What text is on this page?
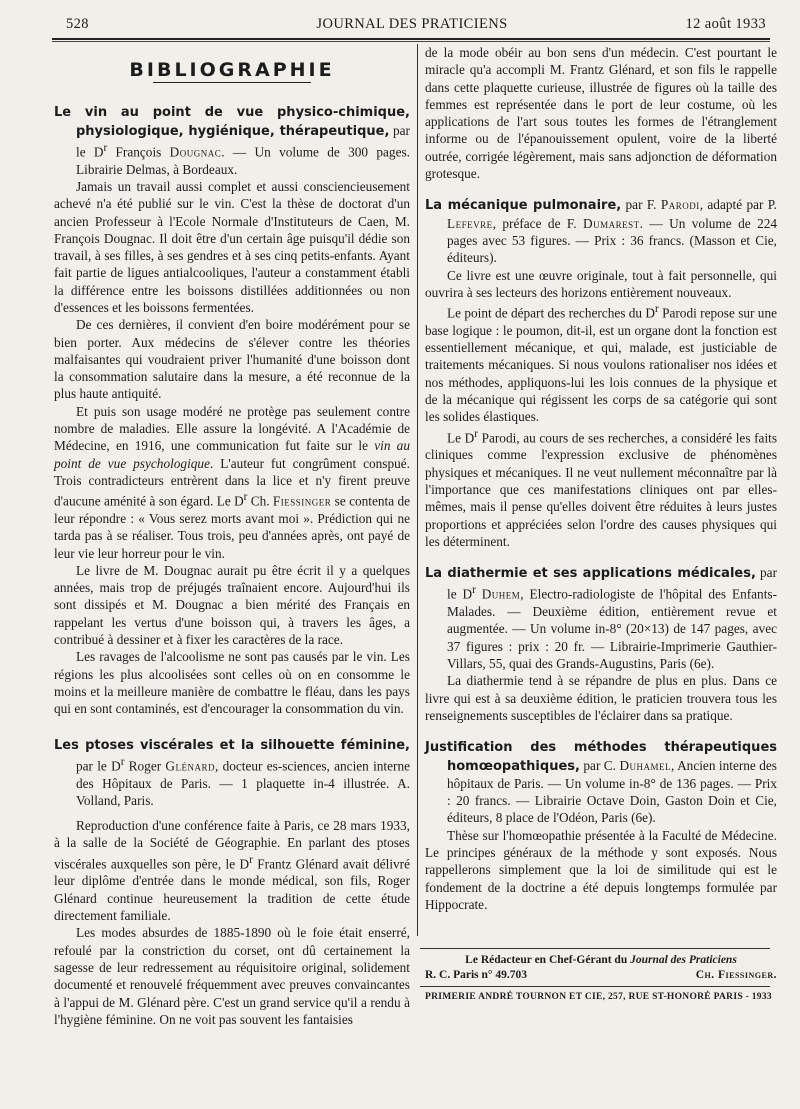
528	JOURNAL DES PRATICIENS	12 août 1933
BIBLIOGRAPHIE

Le vin au point de vue physico-chimique, physiologique, hygiénique, thérapeutique, par le $D^r$ François Dougnac. — Un volume de 300 pages. Librairie Delmas, à Bordeaux.

Jamais un travail aussi complet et aussi consciencieusement achevé n'a été publié sur le vin. C'est la thèse de doctorat d'un ancien Professeur à l'Ecole Normale d'Instituteurs de Caen, M. François Dougnac. Il doit être d'un certain âge puisqu'il dédie son travail, à ses filles, à ses gendres et à ses cinq petits-enfants. Ayant fait partie de ligues antialcooliques, l'auteur a constamment établi la différence entre les boissons distillées additionnées ou non d'essences et les boissons fermentées.

De ces dernières, il convient d'en boire modérément pour se bien porter. Aux médecins de s'élever contre les théories malfaisantes qui voudraient priver l'humanité d'une boisson dont la consommation salutaire dans la mesure, a été reconnue de la plus haute antiquité.

Et puis son usage modéré ne protège pas seulement contre nombre de maladies. Elle assure la longévité. A l'Académie de Médecine, en 1916, une communication fut faite sur le vin au point de vue psychologique. L'auteur fut congrûment conspué. Trois contradicteurs entrèrent dans la lice et n'y firent preuve d'aucune aménité à son égard. Le $D^r$ Ch. Fiessinger se contenta de leur répondre : « Vous serez morts avant moi ». Prédiction qui ne tarda pas à se réaliser. Tous trois, peu d'années après, ont payé de leur vie leur horreur pour le vin.

Le livre de M. Dougnac aurait pu être écrit il y a quelques années, mais trop de préjugés traînaient encore. Aujourd'hui ils sont dissipés et M. Dougnac a bien mérité des Français en rappelant les vertus d'une boisson qui, à travers les âges, a contribué à dessiner et à fixer les caractères de la race.

Les ravages de l'alcoolisme ne sont pas causés par le vin. Les régions les plus alcoolisées sont celles où on en consomme le moins et la meilleure manière de combattre le fléau, dans les pays qui en sont contaminés, est d'encourager la consommation du vin.

Les ptoses viscérales et la silhouette féminine, par le $D^r$ Roger Glénard, docteur es-sciences, ancien interne des Hôpitaux de Paris. — 1 plaquette in-4 illustrée. A. Volland, Paris.

Reproduction d'une conférence faite à Paris, ce 28 mars 1933, à la salle de la Société de Géographie. En parlant des ptoses viscérales auxquelles son père, le $D^r$ Frantz Glénard avait délivré leur diplôme d'entrée dans le monde médical, son fils, Roger Glénard continue heureusement la tradition de cette étude directement familiale.

Les modes absurdes de 1885-1890 où le foie était enserré, refoulé par la constriction du corset, ont dû certainement la sagesse de leur redressement au réquisitoire original, solidement documenté et renouvelé fréquemment avec preuves convaincantes à l'appui de M. Glénard père. C'est un grand service qu'il a rendu à l'hygiène féminine. On ne voit pas souvent les fantaisies

de la mode obéir au bon sens d'un médecin. C'est pourtant le miracle qu'a accompli M. Frantz Glénard, et son fils le rappelle dans cette plaquette curieuse, illustrée de figures où la taille des femmes est représentée dans le port de leur costume, où les applications de l'art sous toutes les formes de l'étranglement informe ou de l'épanouissement opulent, voire de la liberté outrée, corrigée légèrement, mais sans adjonction de déformation grotesque.

La mécanique pulmonaire, par F. Parodi, adapté par P. Lefevre, préface de F. Dumarest. — Un volume de 224 pages avec 53 figures. — Prix : 36 francs. (Masson et Cie, éditeurs).

Ce livre est une œuvre originale, tout à fait personnelle, qui ouvrira à ses lecteurs des horizons entièrement nouveaux.

Le point de départ des recherches du $D^r$ Parodi repose sur une base logique : le poumon, dit-il, est un organe dont la fonction est essentiellement mécanique, et qui, malade, est justiciable de traitements mécaniques. Si nous voulons rationaliser nos idées et nos méthodes, appliquons-lui les lois connues de la physique et de la mécanique qui régissent les corps de sa catégorie qui sont les solides élastiques.

Le $D^r$ Parodi, au cours de ses recherches, a considéré les faits cliniques comme l'expression exclusive de phénomènes physiques et mécaniques. Il ne veut nullement méconnaître par là l'importance que ces manifestations cliniques ont par elles-mêmes, mais il pense qu'elles doivent être réduites à leurs justes proportions et appréciées selon l'ordre des causes physiques qui les déterminent.

La diathermie et ses applications médicales, par le $D^r$ Duhem, Electro-radiologiste de l'hôpital des Enfants-Malades. — Deuxième édition, entièrement revue et augmentée. — Un volume in-8° (20×13) de 147 pages, avec 37 figures : prix : 20 fr. — Librairie-Imprimerie Gauthier-Villars, 55, quai des Grands-Augustins, Paris (6e).

La diathermie tend à se répandre de plus en plus. Dans ce livre qui est à sa deuxième édition, le praticien trouvera tous les renseignements susceptibles de l'éclairer dans sa pratique.

Justification des méthodes thérapeutiques homœopathiques, par C. Duhamel, Ancien interne des hôpitaux de Paris. — Un volume in-8° de 136 pages. — Prix : 20 francs. — Librairie Octave Doin, Gaston Doin et Cie, éditeurs, 8 place de l'Odéon, Paris (6e).

Thèse sur l'homœopathie présentée à la Faculté de Médecine. Le principes généraux de la méthode y sont exposés. Nous rappellerons simplement que la loi de similitude qui est le fondement de la doctrine a été depuis longtemps formulée par Hippocrate.

Le Rédacteur en Chef-Gérant du Journal des Praticiens
R. C. Paris n° 49.703	Ch. Fiessinger.
PRIMERIE ANDRÉ TOURNON ET CIE, 257, RUE ST-HONORÉ PARIS - 1933
